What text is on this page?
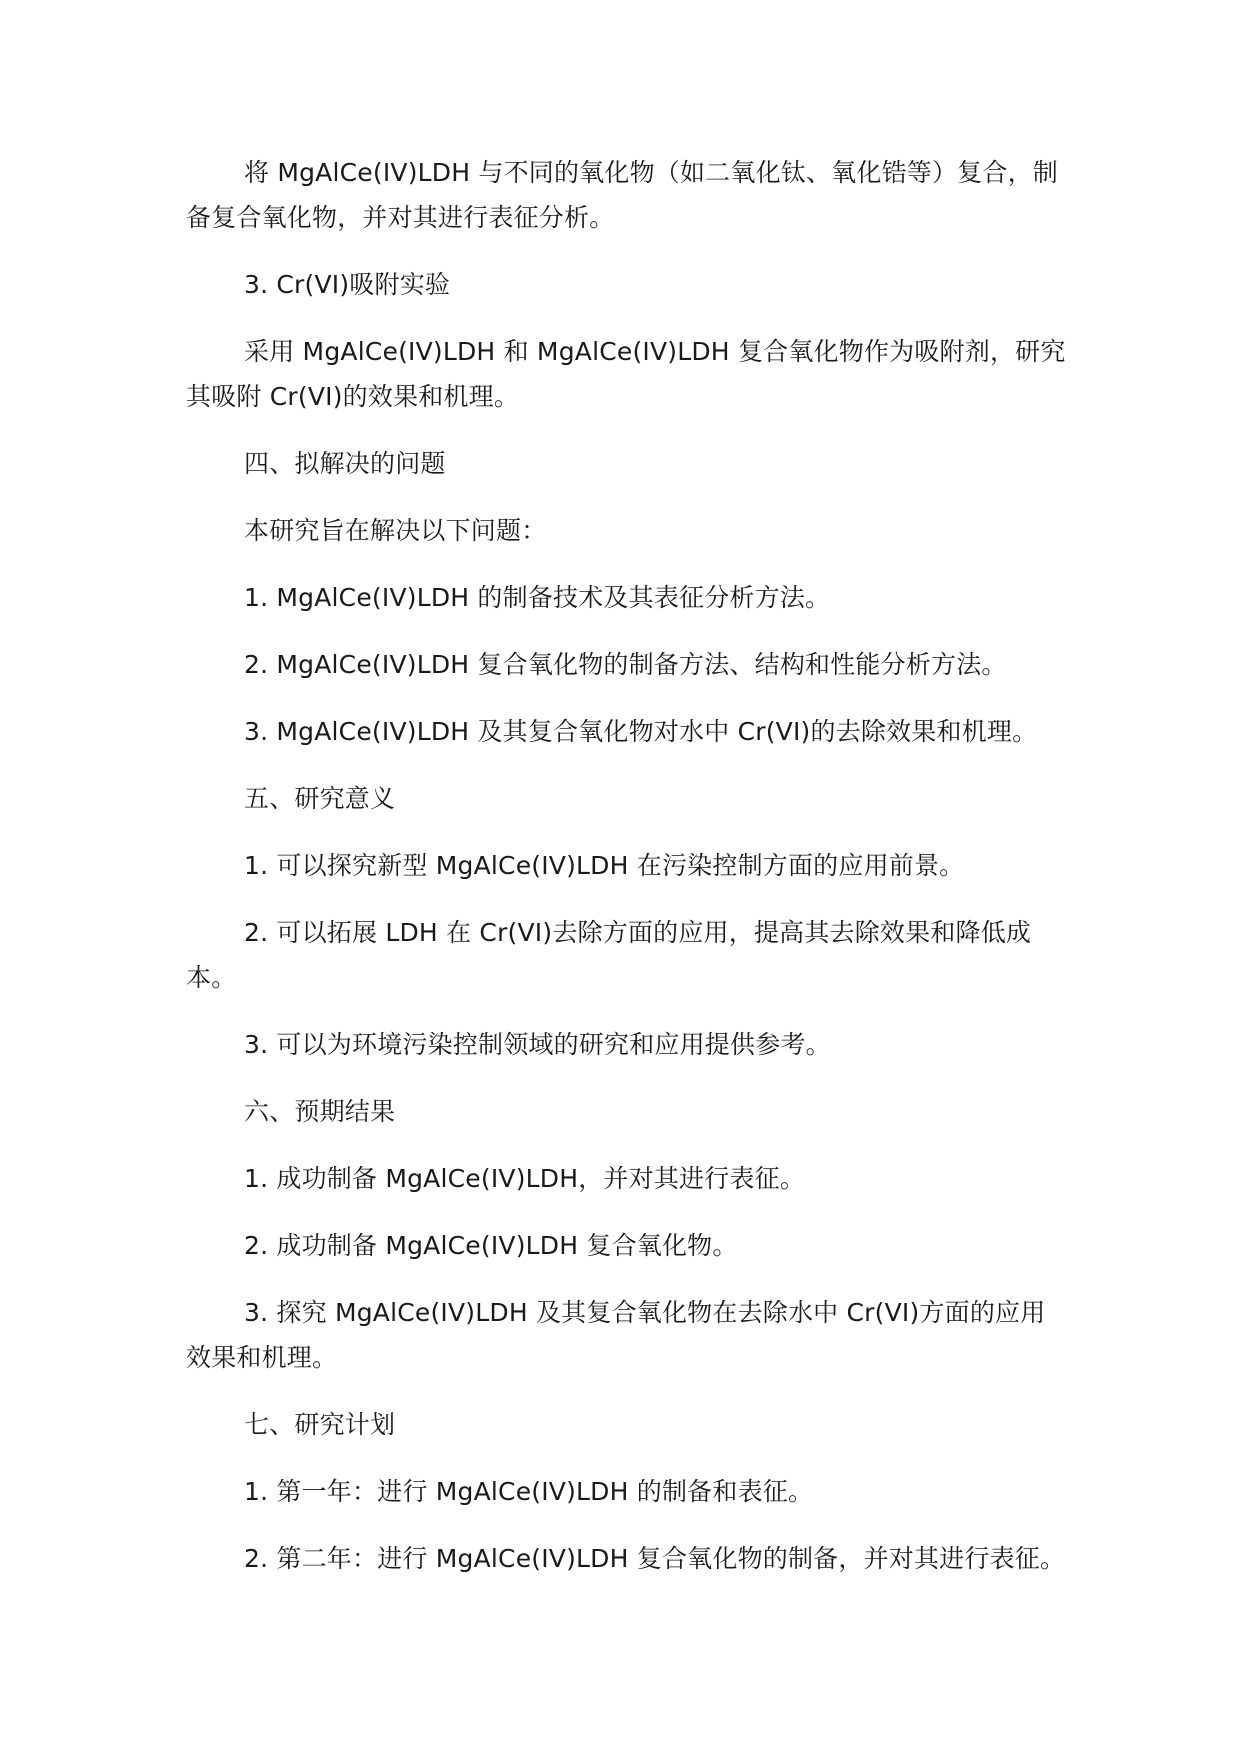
将 MgAlCe(IV)LDH 与不同的氧化物（如二氧化钛、氧化锆等）复合，制备复合氧化物，并对其进行表征分析。

3. Cr(VI)吸附实验

采用 MgAlCe(IV)LDH 和 MgAlCe(IV)LDH 复合氧化物作为吸附剂，研究其吸附 Cr(VI)的效果和机理。

四、拟解决的问题

本研究旨在解决以下问题：

1. MgAlCe(IV)LDH 的制备技术及其表征分析方法。

2. MgAlCe(IV)LDH 复合氧化物的制备方法、结构和性能分析方法。

3. MgAlCe(IV)LDH 及其复合氧化物对水中 Cr(VI)的去除效果和机理。

五、研究意义

1. 可以探究新型 MgAlCe(IV)LDH 在污染控制方面的应用前景。

2. 可以拓展 LDH 在 Cr(VI)去除方面的应用，提高其去除效果和降低成本。

3. 可以为环境污染控制领域的研究和应用提供参考。

六、预期结果

1. 成功制备 MgAlCe(IV)LDH，并对其进行表征。

2. 成功制备 MgAlCe(IV)LDH 复合氧化物。

3. 探究 MgAlCe(IV)LDH 及其复合氧化物在去除水中 Cr(VI)方面的应用效果和机理。

七、研究计划

1. 第一年：进行 MgAlCe(IV)LDH 的制备和表征。

2. 第二年：进行 MgAlCe(IV)LDH 复合氧化物的制备，并对其进行表征。
